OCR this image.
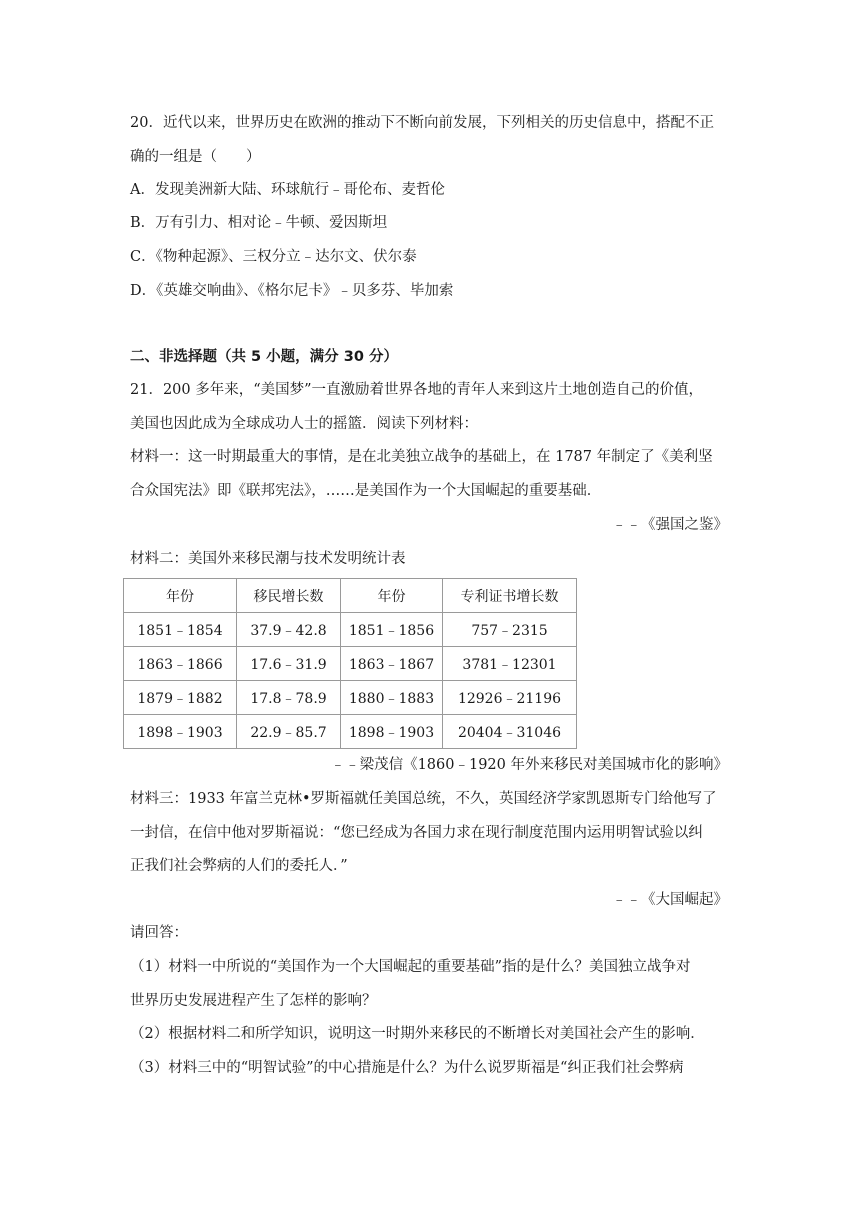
20．近代以来，世界历史在欧洲的推动下不断向前发展，下列相关的历史信息中，搭配不正
确的一组是（　　）
A．发现美洲新大陆、环球航行﹣哥伦布、麦哲伦
B．万有引力、相对论﹣牛顿、爱因斯坦
C．《物种起源》、三权分立﹣达尔文、伏尔泰
D．《英雄交响曲》、《格尔尼卡》﹣贝多芬、毕加索
二、非选择题（共 5 小题，满分 30 分）
21．200 多年来，“美国梦”一直激励着世界各地的青年人来到这片土地创造自己的价值，
美国也因此成为全球成功人士的摇篮．阅读下列材料：
材料一：这一时期最重大的事情，是在北美独立战争的基础上，在 1787 年制定了《美利坚
合众国宪法》即《联邦宪法》，……是美国作为一个大国崛起的重要基础．
﹣﹣《强国之鉴》
材料二：美国外来移民潮与技术发明统计表
年份	移民增长数	年份	专利证书增长数
1851﹣1854	37.9﹣42.8	1851﹣1856	757﹣2315
1863﹣1866	17.6﹣31.9	1863﹣1867	3781﹣12301
1879﹣1882	17.8﹣78.9	1880﹣1883	12926﹣21196
1898﹣1903	22.9﹣85.7	1898﹣1903	20404﹣31046
﹣﹣梁茂信《1860﹣1920 年外来移民对美国城市化的影响》
材料三：1933 年富兰克林•罗斯福就任美国总统，不久，英国经济学家凯恩斯专门给他写了
一封信，在信中他对罗斯福说：“您已经成为各国力求在现行制度范围内运用明智试验以纠
正我们社会弊病的人们的委托人．”
﹣﹣《大国崛起》
请回答：
（1）材料一中所说的“美国作为一个大国崛起的重要基础”指的是什么？美国独立战争对
世界历史发展进程产生了怎样的影响？
（2）根据材料二和所学知识，说明这一时期外来移民的不断增长对美国社会产生的影响．
（3）材料三中的“明智试验”的中心措施是什么？为什么说罗斯福是“纠正我们社会弊病
